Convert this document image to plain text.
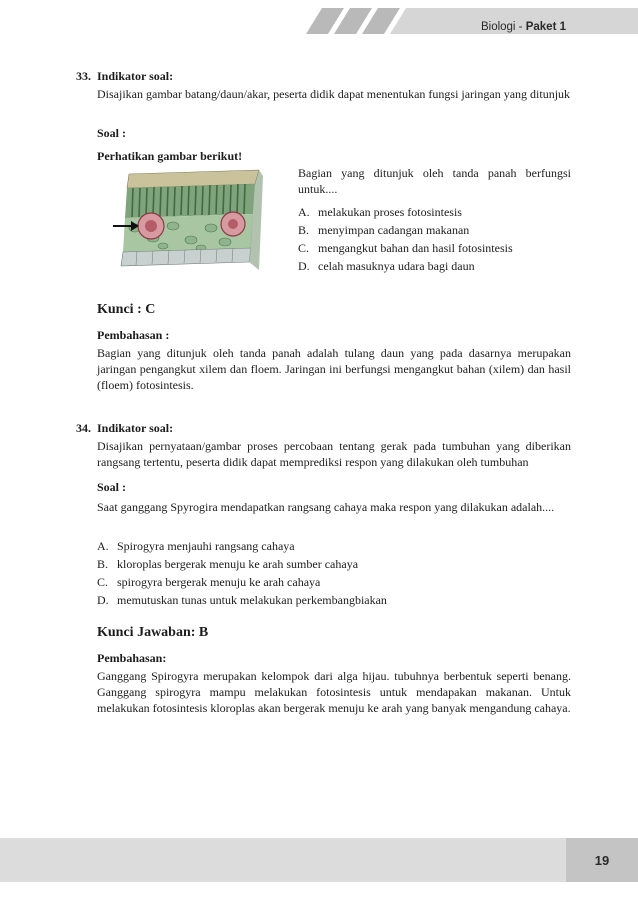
Biologi - Paket 1
33. Indikator soal:
Disajikan gambar batang/daun/akar, peserta didik dapat menentukan fungsi jaringan yang ditunjuk
Soal :
Perhatikan gambar berikut!
Bagian yang ditunjuk oleh tanda panah berfungsi untuk....
A. melakukan proses fotosintesis
B. menyimpan cadangan makanan
C. mengangkut bahan dan hasil fotosintesis
D. celah masuknya udara bagi daun
Kunci : C
Pembahasan :
Bagian yang ditunjuk oleh tanda panah adalah tulang daun yang pada dasarnya merupakan jaringan pengangkut xilem dan floem. Jaringan ini berfungsi mengangkut bahan (xilem) dan hasil (floem) fotosintesis.
34. Indikator soal:
Disajikan pernyataan/gambar proses percobaan tentang gerak pada tumbuhan yang diberikan rangsang tertentu, peserta didik dapat memprediksi respon yang dilakukan oleh tumbuhan
Soal :
Saat ganggang Spyrogira mendapatkan rangsang cahaya maka respon yang dilakukan adalah....
A. Spirogyra menjauhi rangsang cahaya
B. kloroplas bergerak menuju ke arah sumber cahaya
C. spirogyra bergerak menuju ke arah cahaya
D. memutuskan tunas untuk melakukan perkembangbiakan
Kunci Jawaban: B
Pembahasan:
Ganggang Spirogyra merupakan kelompok dari alga hijau. tubuhnya berbentuk seperti benang. Ganggang spirogyra mampu melakukan fotosintesis untuk mendapakan makanan. Untuk melakukan fotosintesis kloroplas akan bergerak menuju ke arah yang banyak mengandung cahaya.
19
